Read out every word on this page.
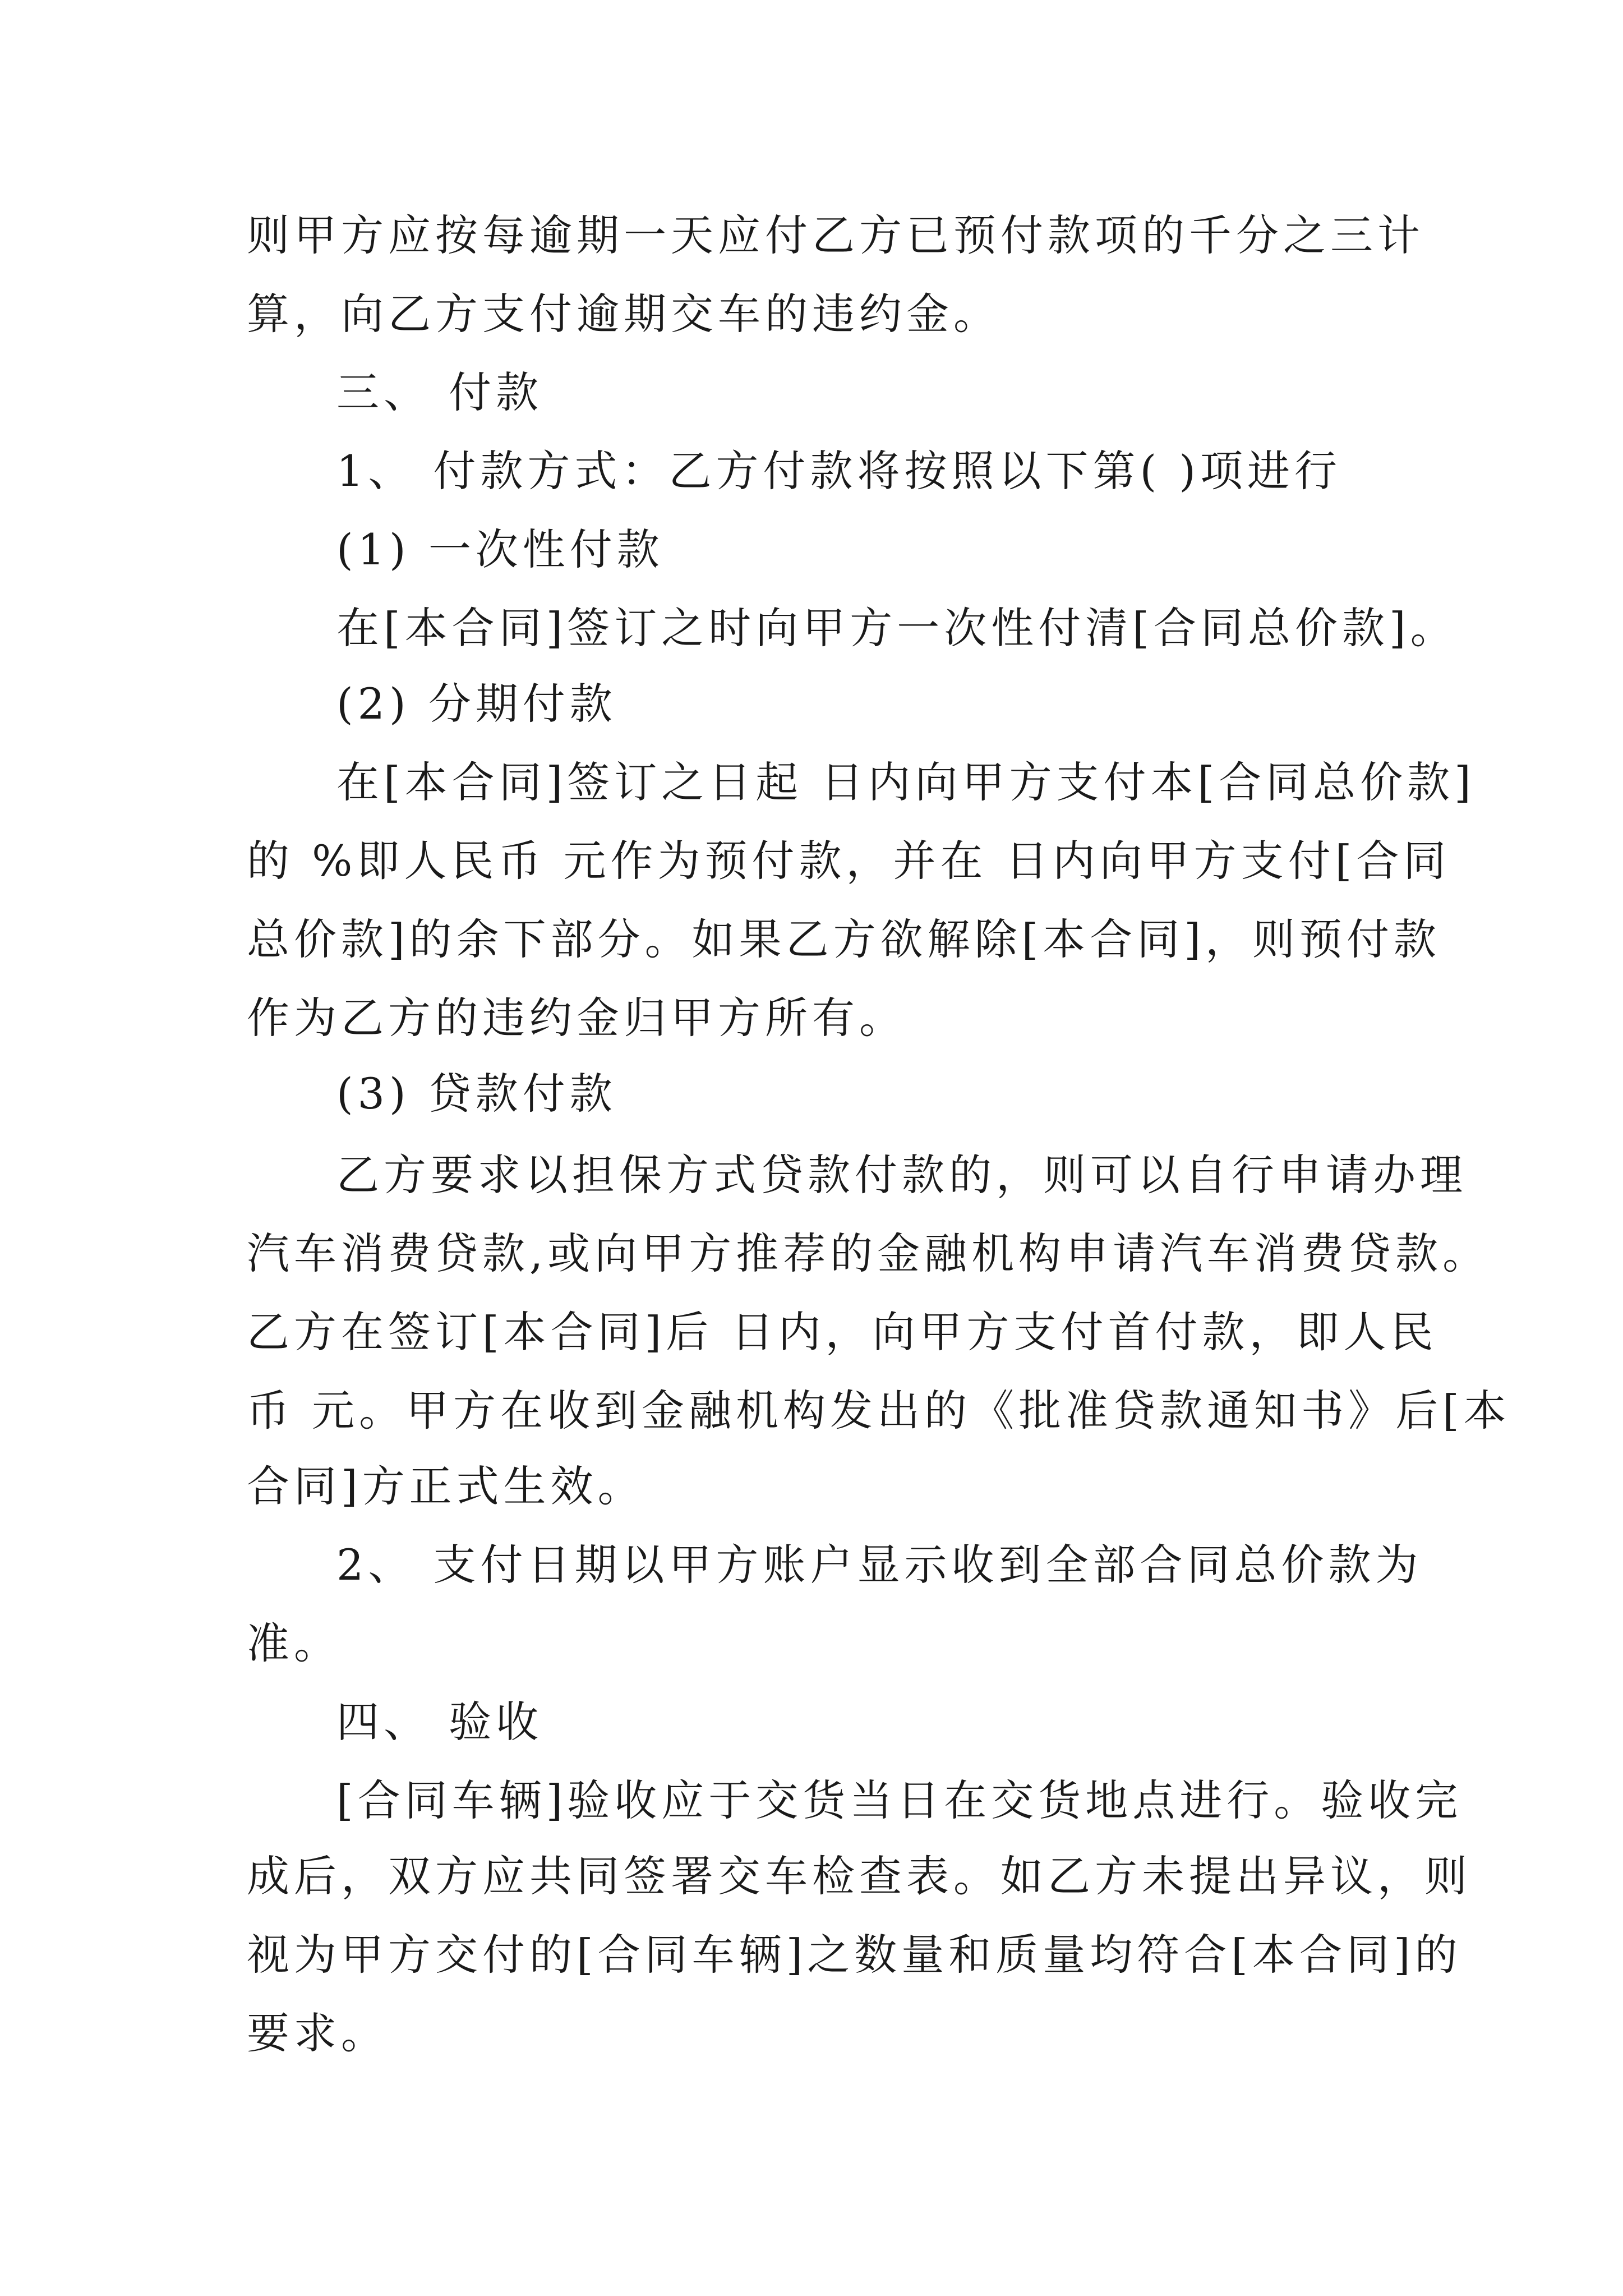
则甲方应按每逾期一天应付乙方已预付款项的千分之三计

算，向乙方支付逾期交车的违约金。

三、 付款

1、 付款方式：乙方付款将按照以下第( )项进行

(1) 一次性付款

在[本合同]签订之时向甲方一次性付清[合同总价款]。

(2) 分期付款

在[本合同]签订之日起 日内向甲方支付本[合同总价款]

的 %即人民币 元作为预付款，并在 日内向甲方支付[合同

总价款]的余下部分。如果乙方欲解除[本合同]，则预付款

作为乙方的违约金归甲方所有。

(3) 贷款付款

乙方要求以担保方式贷款付款的，则可以自行申请办理

汽车消费贷款,或向甲方推荐的金融机构申请汽车消费贷款。

乙方在签订[本合同]后 日内，向甲方支付首付款，即人民

币 元。甲方在收到金融机构发出的《批准贷款通知书》后[本

合同]方正式生效。

2、 支付日期以甲方账户显示收到全部合同总价款为

准。

四、 验收

[合同车辆]验收应于交货当日在交货地点进行。验收完

成后，双方应共同签署交车检查表。如乙方未提出异议，则

视为甲方交付的[合同车辆]之数量和质量均符合[本合同]的

要求。
